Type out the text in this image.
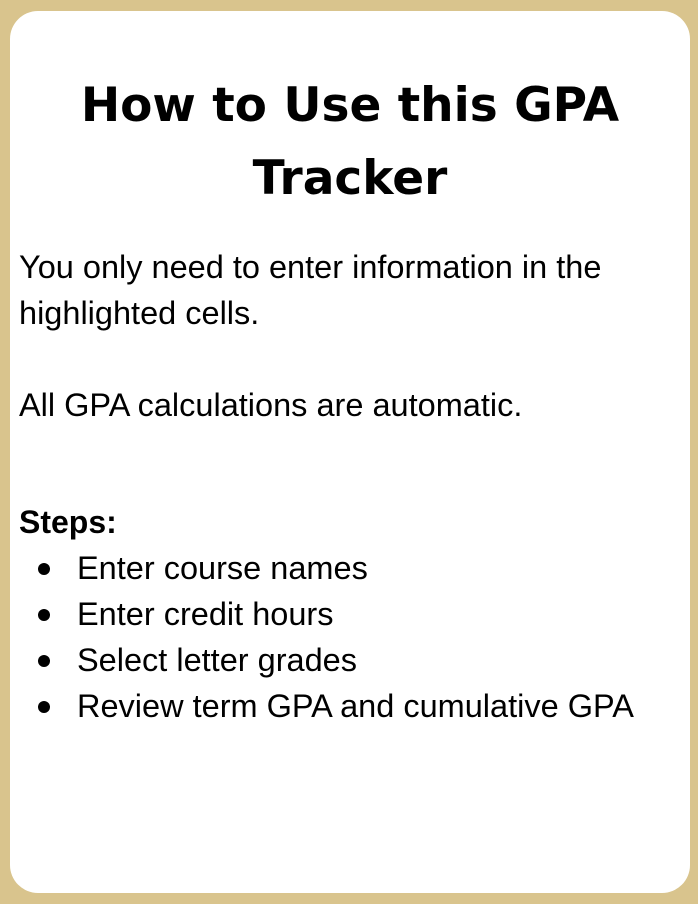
How to Use this GPA
Tracker

You only need to enter information in the highlighted cells.

All GPA calculations are automatic.

Steps:

Enter course names
Enter credit hours
Select letter grades
Review term GPA and cumulative GPA
